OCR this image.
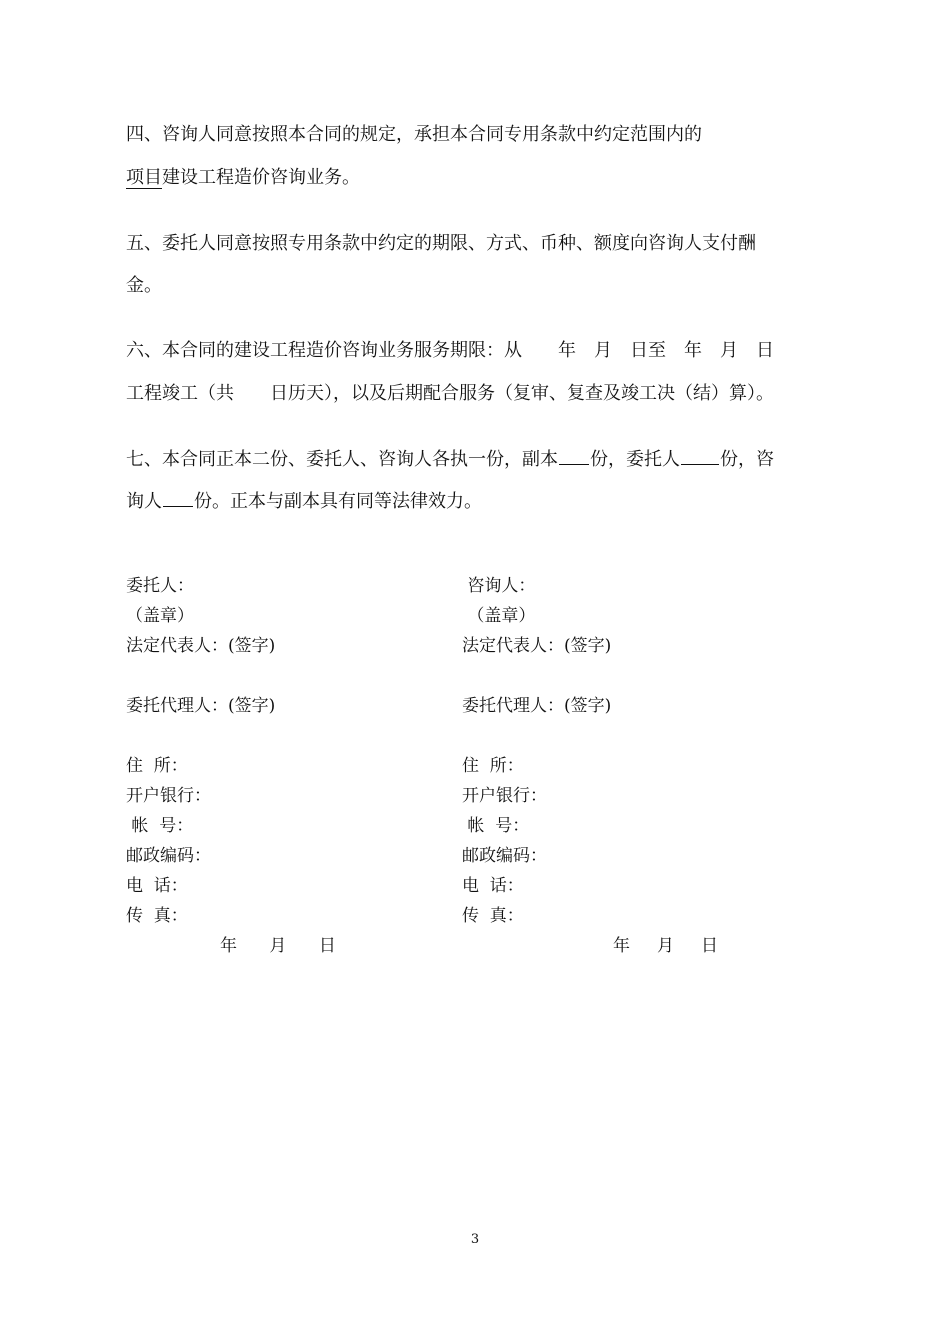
四、咨询人同意按照本合同的规定，承担本合同专用条款中约定范围内的
项目建设工程造价咨询业务。
五、委托人同意按照专用条款中约定的期限、方式、币种、额度向咨询人支付酬
金。
六、本合同的建设工程造价咨询业务服务期限：从　　年　月　日至　年　月　日
工程竣工（共　　日历天），以及后期配合服务（复审、复查及竣工决（结）算）。
七、本合同正本二份、委托人、咨询人各执一份，副本 份，委托人 份，咨
询人 份。正本与副本具有同等法律效力。
委托人：
（盖章）
法定代表人：(签字)
委托代理人：(签字)
住  所：
开户银行：
帐  号：
邮政编码：
电  话：
传  真：
年      月      日
咨询人：
（盖章）
法定代表人：(签字)
委托代理人：(签字)
住  所：
开户银行：
帐  号：
邮政编码：
电  话：
传  真：
年     月     日
3
